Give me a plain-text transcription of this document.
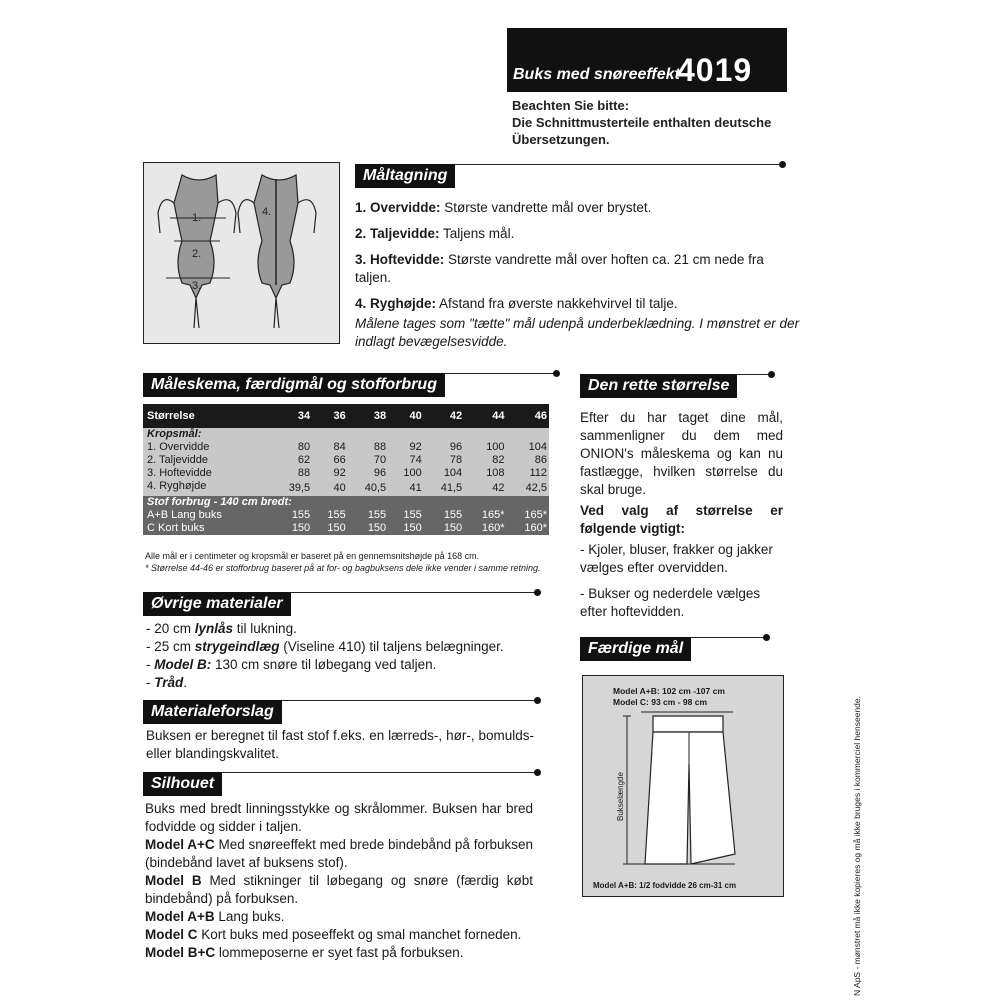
Buks med snøreeffekt
4019
Beachten Sie bitte:
Die Schnittmusterteile enthalten deutsche
Übersetzungen.
Måltagning
1.
2.
3.
4.	1. Overvidde: Største vandrette mål over brystet.
2. Taljevidde: Taljens mål.
3. Hoftevidde: Største vandrette mål over hoften ca. 21 cm nede fra taljen.
4. Ryghøjde: Afstand fra øverste nakkehvirvel til talje.
Målene tages som "tætte" mål udenpå underbeklædning. I mønstret er der indlagt bevægelsesvidde.
Måleskema, færdigmål og stofforbrug
Størrelse	34	36	38	40	42	44	46
Kropsmål:							
1. Overvidde	80	84	88	92	96	100	104
2. Taljevidde	62	66	70	74	78	82	86
3. Hoftevidde	88	92	96	100	104	108	112
4. Ryghøjde	39,5	40	40,5	41	41,5	42	42,5
Stof forbrug - 140 cm bredt:							
A+B Lang buks	155	155	155	155	155	165*	165*
C Kort buks	150	150	150	150	150	160*	160*
Alle mål er i centimeter og kropsmål er baseret på en gennemsnitshøjde på 168 cm.
* Størrelse 44-46 er stofforbrug baseret på at for- og bagbuksens dele ikke vender i samme retning.
Øvrige materialer
- 20 cm lynlås til lukning.
- 25 cm strygeindlæg (Viseline 410) til taljens belægninger.
- Model B: 130 cm snøre til løbegang ved taljen.
- Tråd.
Materialeforslag
Buksen er beregnet til fast stof f.eks. en lærreds-, hør-, bomulds- eller blandingskvalitet.
Silhouet
Buks med bredt linningsstykke og skrålommer. Buksen har bred fodvidde og sidder i taljen.
Model A+C Med snøreeffekt med brede bindebånd på forbuksen (bindebånd lavet af buksens stof).
Model B Med stikninger til løbegang og snøre (færdig købt bindebånd) på forbuksen.
Model A+B Lang buks.
Model C Kort buks med poseeffekt og smal manchet forneden.
Model B+C lommeposerne er syet fast på forbuksen.
Den rette størrelse
Efter du har taget dine mål, sammenligner du dem med ONION's måleskema og kan nu fastlægge, hvilken størrelse du skal bruge.
Ved valg af størrelse er følgende vigtigt:
- Kjoler, bluser, frakker og jakker vælges efter overvidden.
- Bukser og nederdele vælges efter hoftevidden.
Færdige mål
Model A+B: 102 cm -107 cm
Model C: 93 cm - 98 cm
Bukselængde
Model A+B: 1/2 fodvidde 26 cm-31 cm	N ApS - mønstret må ikke kopieres og må ikke bruges i kommerciel henseende.
